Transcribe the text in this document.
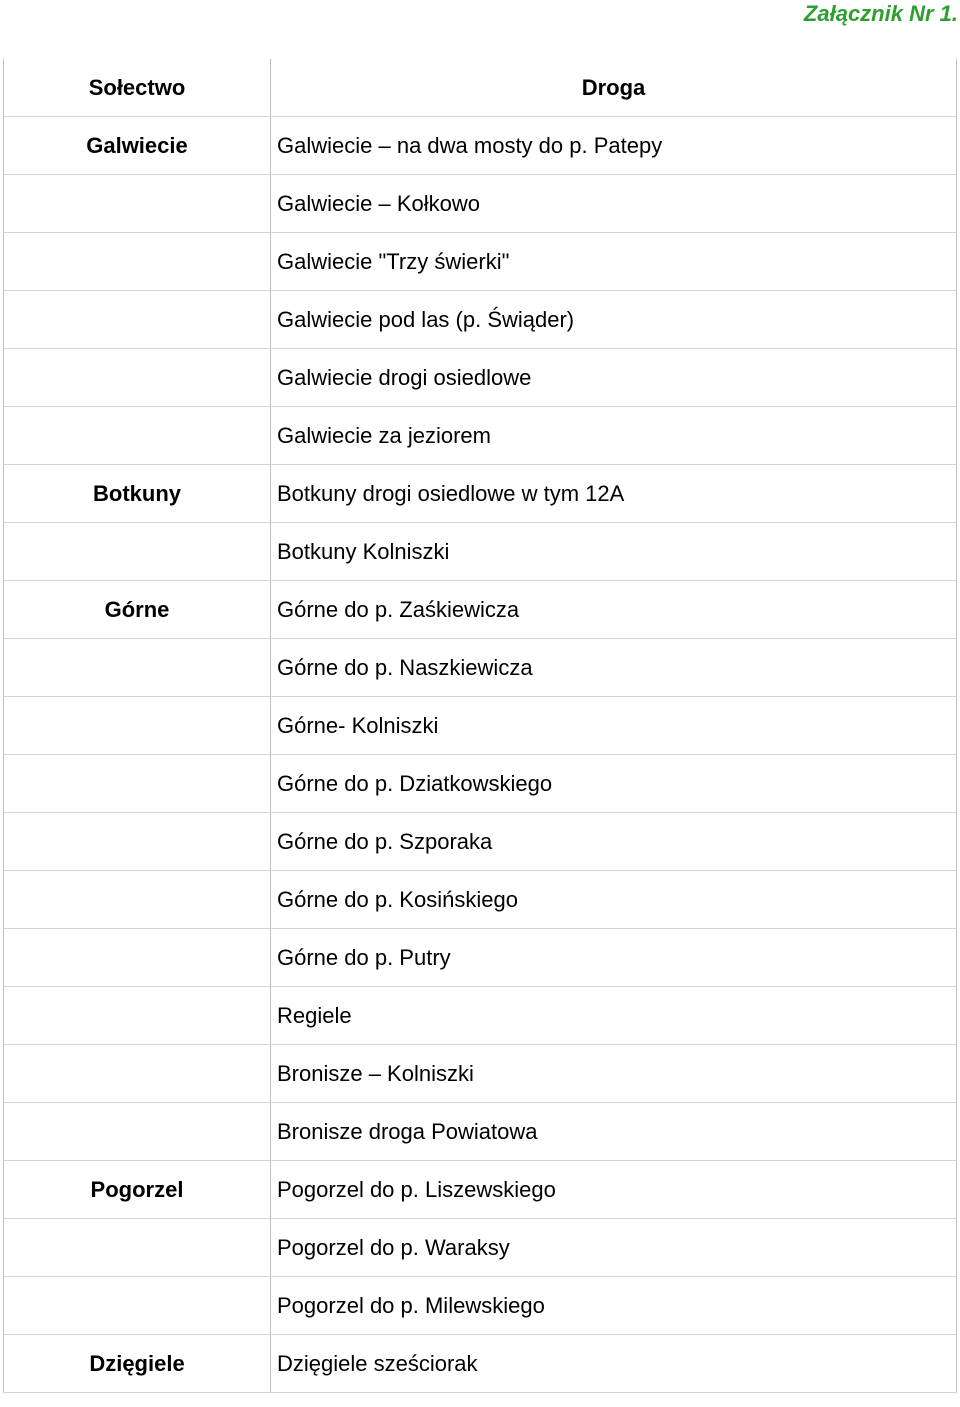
Załącznik Nr 1.
Sołectwo	Droga
Galwiecie	Galwiecie – na dwa mosty do p. Patepy
	Galwiecie – Kołkowo
	Galwiecie "Trzy świerki"
	Galwiecie pod las (p. Świąder)
	Galwiecie drogi osiedlowe
	Galwiecie za jeziorem
Botkuny	Botkuny drogi osiedlowe w tym 12A
	Botkuny Kolniszki
Górne	Górne do p. Zaśkiewicza
	Górne do p. Naszkiewicza
	Górne- Kolniszki
	Górne do p. Dziatkowskiego
	Górne do p. Szporaka
	Górne do p. Kosińskiego
	Górne do p. Putry
	Regiele
	Bronisze – Kolniszki
	Bronisze droga Powiatowa
Pogorzel	Pogorzel do p. Liszewskiego
	Pogorzel do p. Waraksy
	Pogorzel do p. Milewskiego
Dzięgiele	Dzięgiele sześciorak
